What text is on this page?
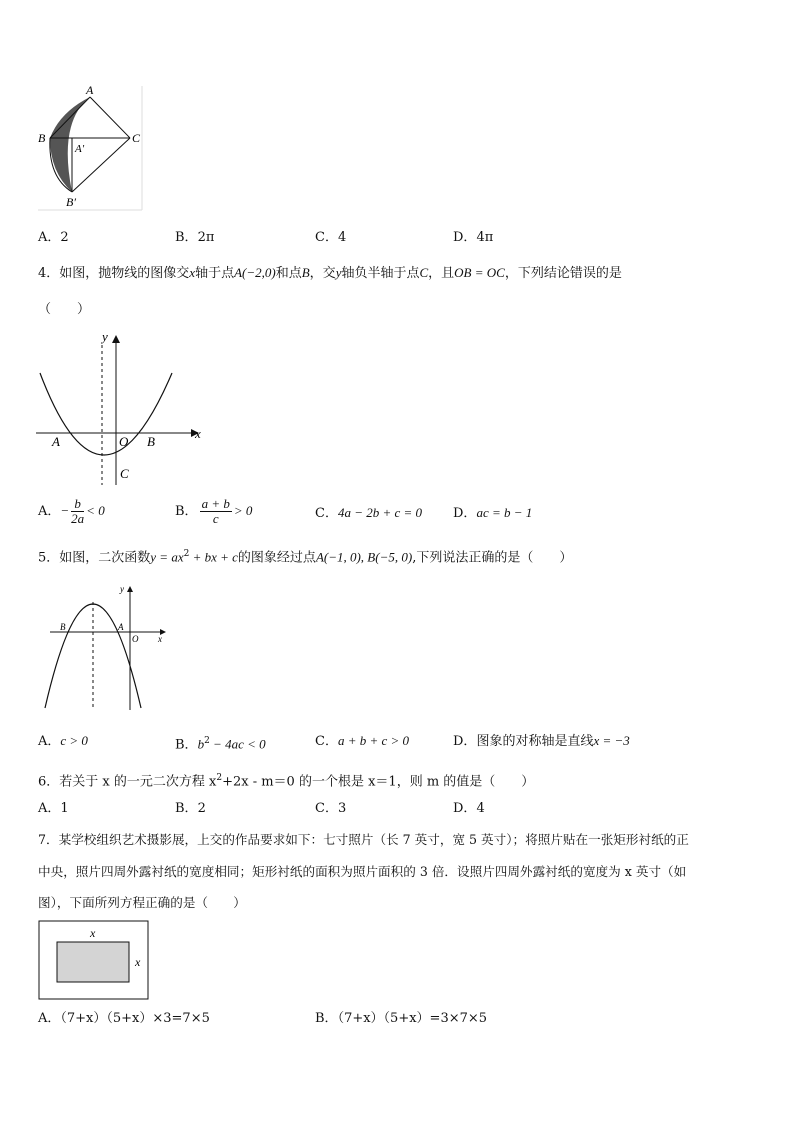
A
B	C
A′
B′
A．2	B．2π	C．4	D．4π
4．如图，抛物线的图像交x轴于点A(−2,0)和点B，交y轴负半轴于点C，且OB = OC，下列结论错误的是
（　　）
y
x
A	O B
C
A．− $\frac{b}{2a} < 0$	B． $\frac{a + b}{c} > 0$	C．4a − 2b + c = 0 D．ac = b − 1
5．如图，二次函数$y = ax^2$ + bx + c的图象经过点A(−1, 0), B(−5, 0),下列说法正确的是（　　）
y
x
B	A
O
A．c > 0	B．$b^2 - 4ac < 0$	C．a + b + c > 0	D．图象的对称轴是直线x = −3
6．若关于 x 的一元二次方程 $x^2+2x - m=0$ 的一个根是 x＝1，则 m 的值是（　　）
A．1	B．2	C．3	D．4
7．某学校组织艺术摄影展，上交的作品要求如下：七寸照片（长 7 英寸，宽 5 英寸）；将照片贴在一张矩形衬纸的正
中央，照片四周外露衬纸的宽度相同；矩形衬纸的面积为照片面积的 3 倍．设照片四周外露衬纸的宽度为 x 英寸（如
图），下面所列方程正确的是（　　）
x
x
A．（7+x）（5+x）×3=7×5	B．（7+x）（5+x）=3×7×5
